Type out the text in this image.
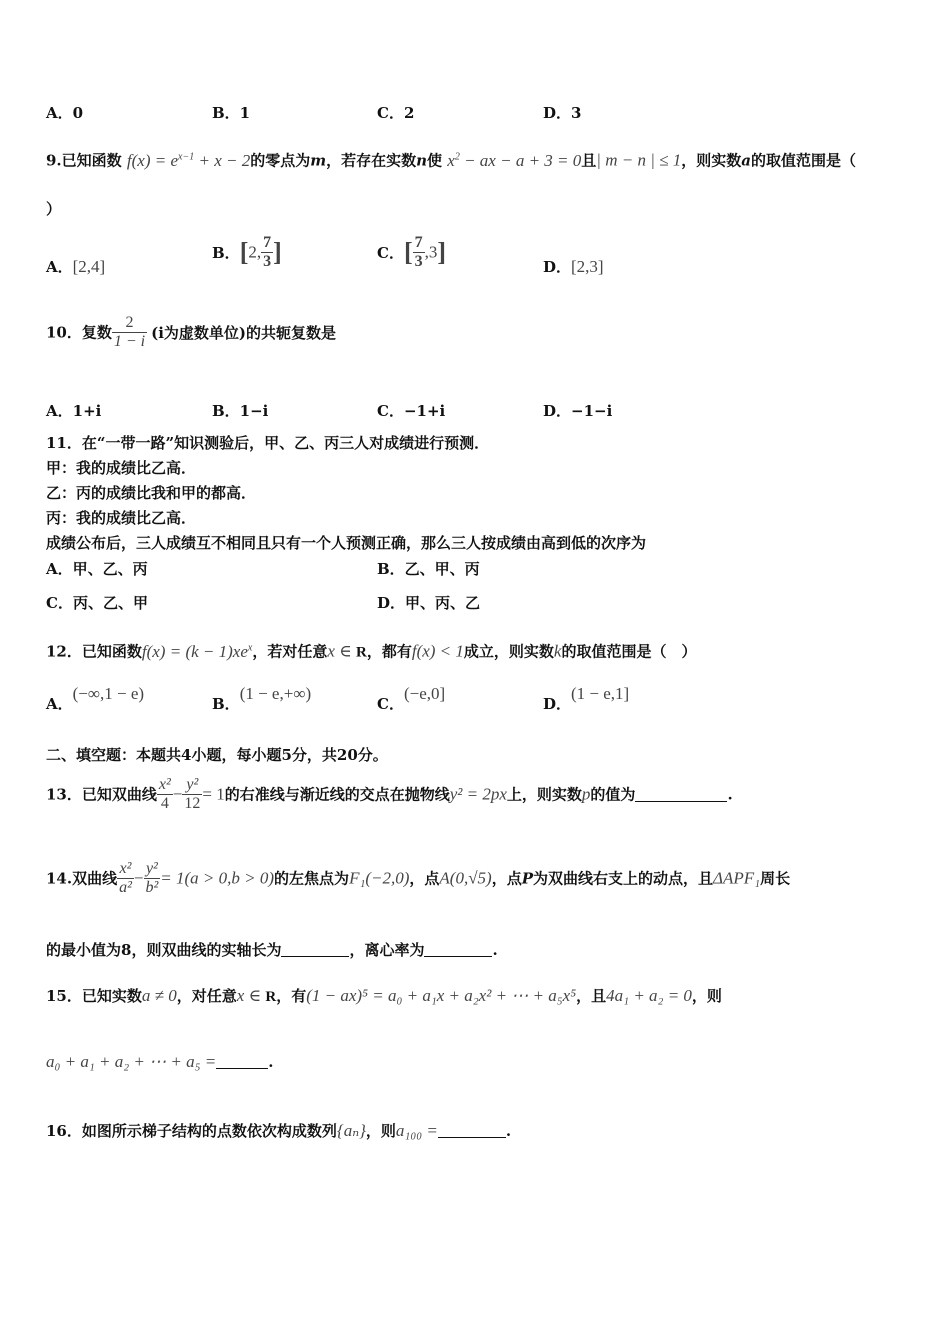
A．0	B．1	C．2	D．3
9.已知函数 $f(x) = e^{x-1} + x - 2$的零点为m，若存在实数n使 $x^2$ − ax − a + 3 = 0且| m − n | ≤ 1，则实数a的取值范围是（
）
A．[2,4]
B．[2, $\frac{7}{3}$ ]	C．[ $\frac{7}{3} ,3$]
D．[2,3]
10．复数 $\frac{2}{1 - i} (i$为虚数单位)的共轭复数是
A．1+i	B．1−i	C．−1+i	D．−1−i
11．在“一带一路”知识测验后，甲、乙、丙三人对成绩进行预测．
甲：我的成绩比乙高．
乙：丙的成绩比我和甲的都高．
丙：我的成绩比乙高．
成绩公布后，三人成绩互不相同且只有一个人预测正确，那么三人按成绩由高到低的次序为
A．甲、乙、丙	B．乙、甲、丙
C．丙、乙、甲	D．甲、丙、乙
12．已知函数$f(x) = (k - 1)xe^x$，若对任意x ∈ R，都有f(x) < 1成立，则实数k的取值范围是（　）
A．(−∞,1 − e)
B．(1 − e,+∞)
C．(−e,0]
D．(1 − e,1]
二、填空题：本题共4小题，每小题5分，共20分。
13．已知双曲线 $\frac{\text{x²}}{4} - \frac{\text{y²}}{12} = 1$的右准线与渐近线的交点在抛物线y² = 2px上，则实数p的值为	.
14.双曲线 $\frac{\text{x²}}{\text{a²}} - \frac{\text{y²}}{\text{b²}} = 1(a > 0,b > 0)$的左焦点为F₁(−2,0)，点A(0,√5)，点P为双曲线右支上的动点，且ΔAPF₁周长
的最小值为8，则双曲线的实轴长为	，离心率为	.
15．已知实数a ≠ 0，对任意x ∈ R，有(1 − ax)⁵ = a₀ + a₁x + a₂x² + ⋯ + a₅x⁵，且4a₁ + a₂ = 0，则
a₀ + a₁ + a₂ + ⋯ + a₅ =	.
16．如图所示梯子结构的点数依次构成数列{aₙ}，则a₁₀₀ =	.
